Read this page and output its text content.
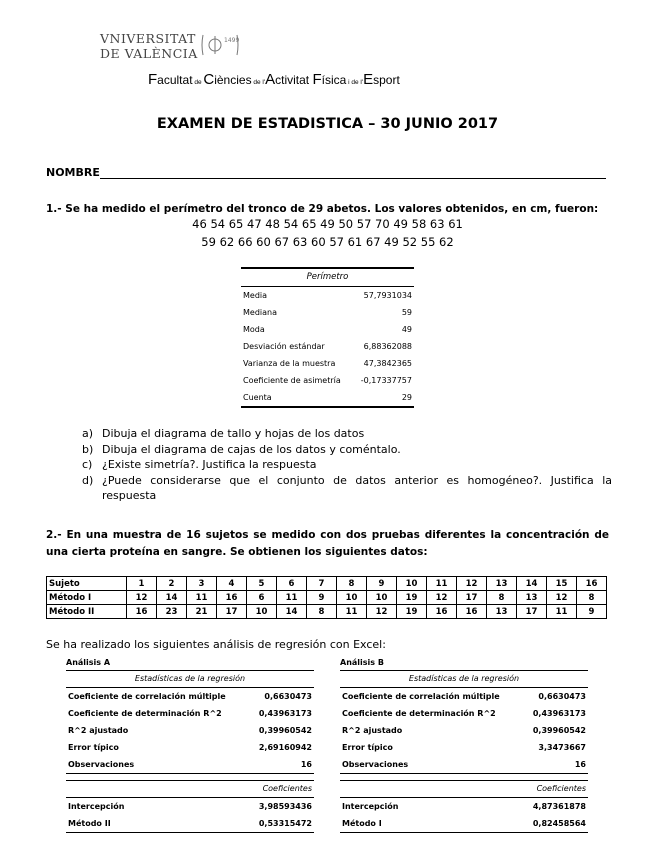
VNIVERSITAT
DE VALÈNCIA
1499
Facultat de Ciències de l'Activitat Física i de l'Esport
EXAMEN DE ESTADISTICA – 30 JUNIO 2017
NOMBRE
1.- Se ha medido el perímetro del tronco de 29 abetos. Los valores obtenidos, en cm, fueron:
46 54 65 47 48 54 65 49 50 57 70 49 58 63 61
59 62 66 60 67 63 60 57 61 67 49 52 55 62
Perímetro
Media	57,7931034
Mediana	59
Moda	49
Desviación estándar	6,88362088
Varianza de la muestra	47,3842365
Coeficiente de asimetría -0,17337757
Cuenta	29
a) Dibuja el diagrama de tallo y hojas de los datos
b) Dibuja el diagrama de cajas de los datos y coméntalo.
c) ¿Existe simetría?. Justifica la respuesta
d) ¿Puede considerarse que el conjunto de datos anterior es homogéneo?. Justifica la respuesta
2.- En una muestra de 16 sujetos se medido con dos pruebas diferentes la concentración de una cierta proteína en sangre. Se obtienen los siguientes datos:
Sujeto	1	2	3	4	5	6	7	8	9	10	11	12	13	14	15	16
Método I	12	14	11	16	6	11	9	10	10	19	12	17	8	13	12	8
Método II	16	23	21	17	10	14	8	11	12	19	16	16	13	17	11	9
Se ha realizado los siguientes análisis de regresión con Excel:
Análisis A
Estadísticas de la regresión
Coeficiente de correlación múltiple	0,6630473
Coeficiente de determinación R^2	0,43963173
R^2 ajustado	0,39960542
Error típico	2,69160942
Observaciones	16
Coeficientes
Intercepción	3,98593436
Método II	0,53315472
Análisis B
Estadísticas de la regresión
Coeficiente de correlación múltiple	0,6630473
Coeficiente de determinación R^2	0,43963173
R^2 ajustado	0,39960542
Error típico	3,3473667
Observaciones	16
Coeficientes
Intercepción	4,87361878
Método I	0,82458564
